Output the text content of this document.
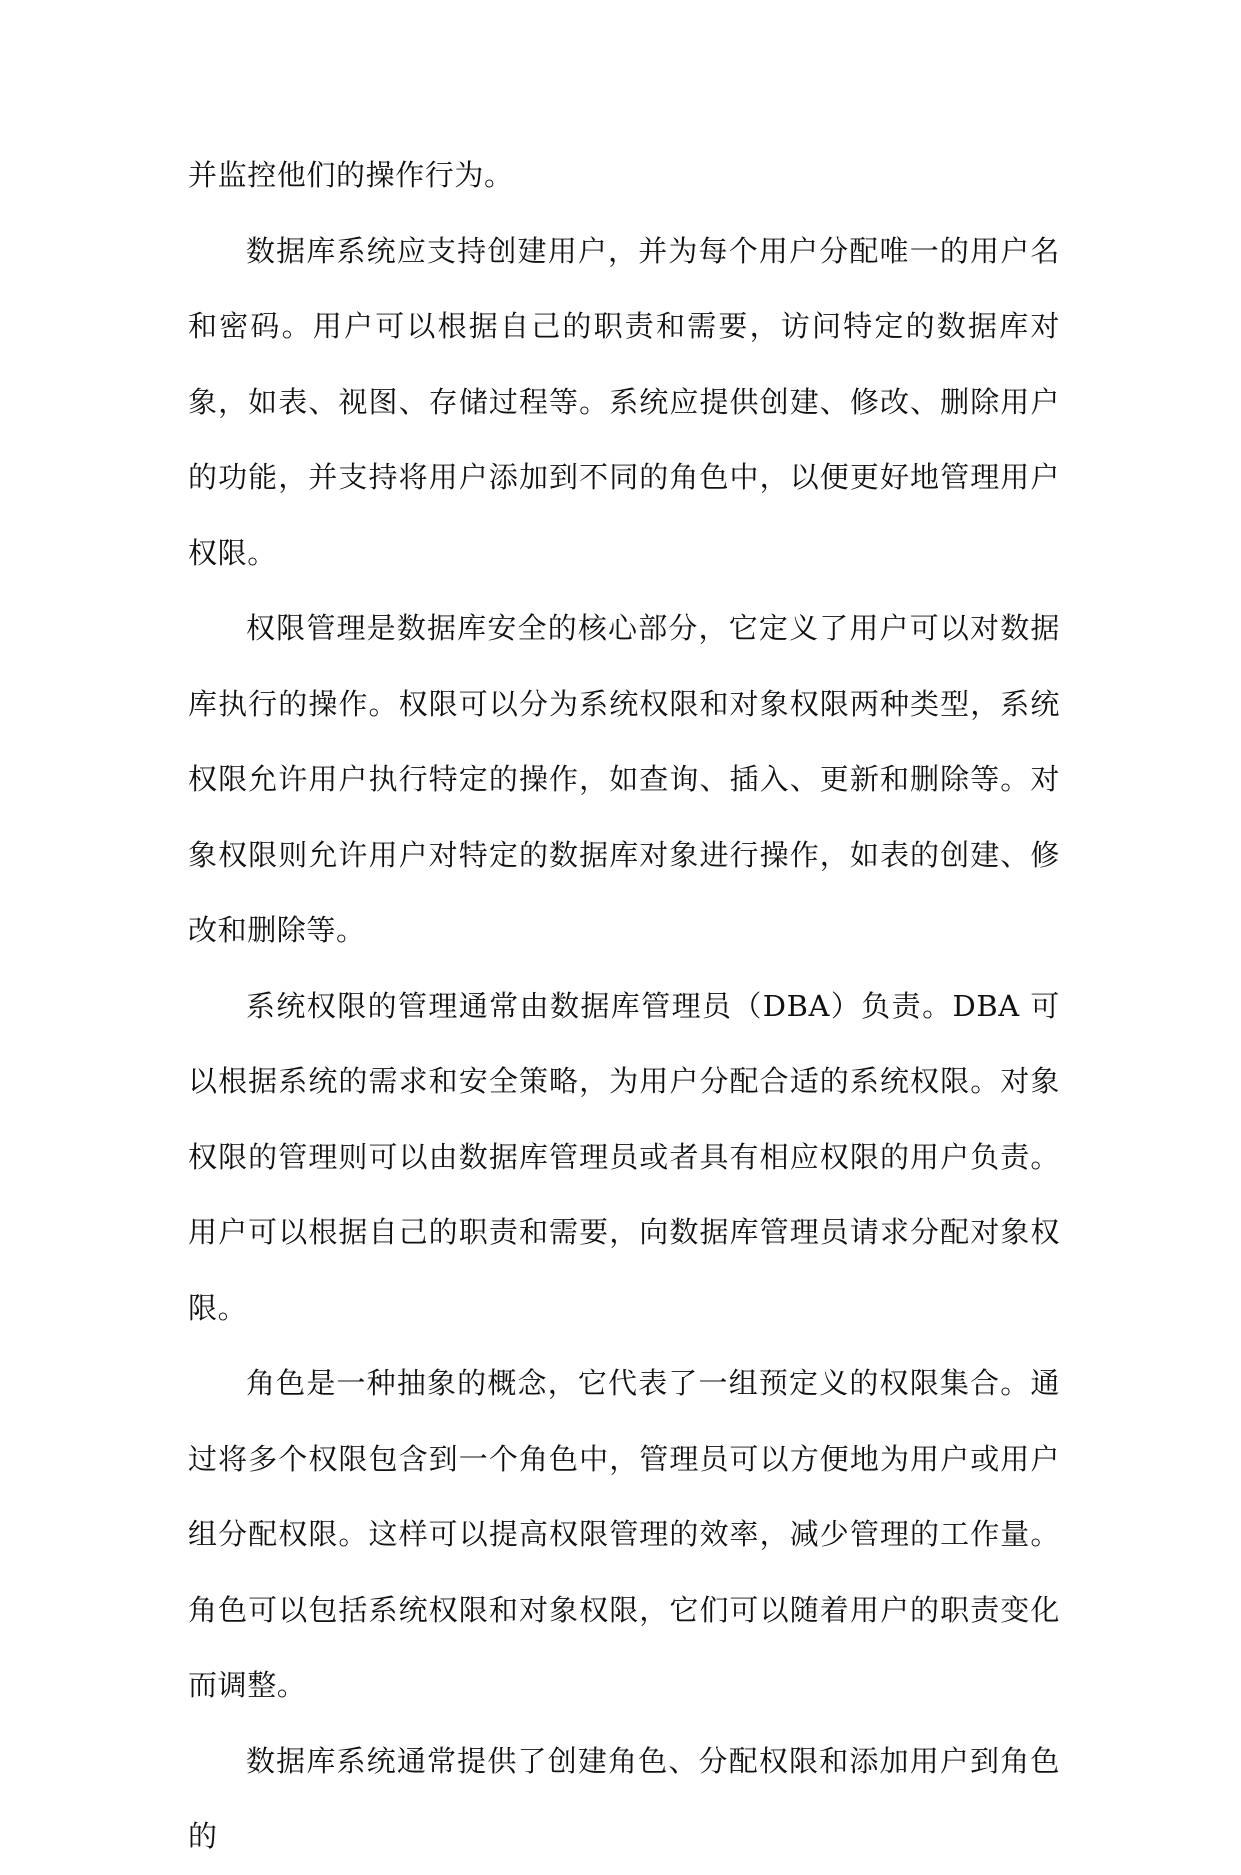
并监控他们的操作行为。

数据库系统应支持创建用户，并为每个用户分配唯一的用户名和密码。用户可以根据自己的职责和需要，访问特定的数据库对象，如表、视图、存储过程等。系统应提供创建、修改、删除用户的功能，并支持将用户添加到不同的角色中，以便更好地管理用户权限。

权限管理是数据库安全的核心部分，它定义了用户可以对数据库执行的操作。权限可以分为系统权限和对象权限两种类型，系统权限允许用户执行特定的操作，如查询、插入、更新和删除等。对象权限则允许用户对特定的数据库对象进行操作，如表的创建、修改和删除等。

系统权限的管理通常由数据库管理员（DBA）负责。DBA 可以根据系统的需求和安全策略，为用户分配合适的系统权限。对象权限的管理则可以由数据库管理员或者具有相应权限的用户负责。用户可以根据自己的职责和需要，向数据库管理员请求分配对象权限。

角色是一种抽象的概念，它代表了一组预定义的权限集合。通过将多个权限包含到一个角色中，管理员可以方便地为用户或用户组分配权限。这样可以提高权限管理的效率，减少管理的工作量。角色可以包括系统权限和对象权限，它们可以随着用户的职责变化而调整。

数据库系统通常提供了创建角色、分配权限和添加用户到角色的
